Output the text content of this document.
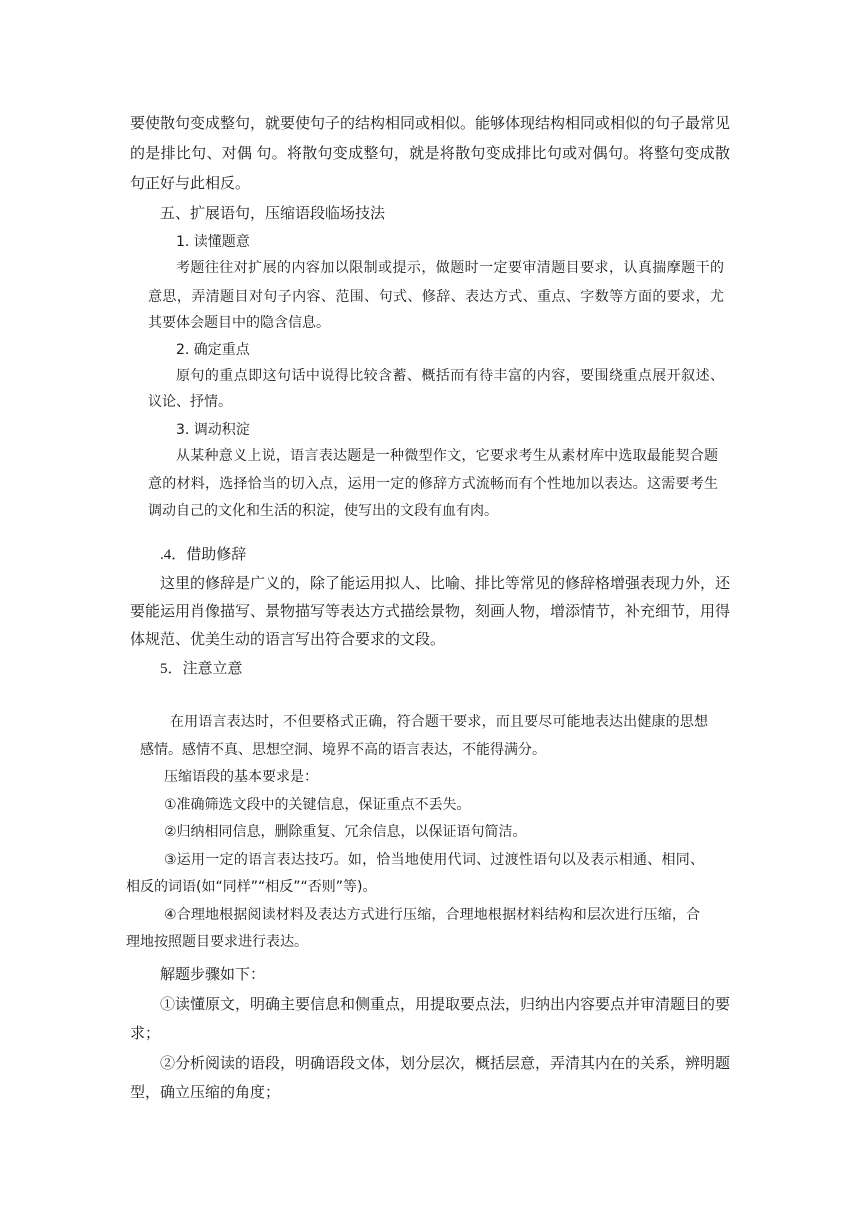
要使散句变成整句，就要使句子的结构相同或相似。能够体现结构相同或相似的句子最常见
的是排比句、对偶 句。将散句变成整句，就是将散句变成排比句或对偶句。将整句变成散
句正好与此相反。
五、扩展语句，压缩语段临场技法
1. 读懂题意
考题往往对扩展的内容加以限制或提示，做题时一定要审清题目要求，认真揣摩题干的
意思，弄清题目对句子内容、范围、句式、修辞、表达方式、重点、字数等方面的要求，尤
其要体会题目中的隐含信息。
2. 确定重点
原句的重点即这句话中说得比较含蓄、概括而有待丰富的内容，要围绕重点展开叙述、
议论、抒情。
3. 调动积淀
从某种意义上说，语言表达题是一种微型作文，它要求考生从素材库中选取最能契合题
意的材料，选择恰当的切入点，运用一定的修辞方式流畅而有个性地加以表达。这需要考生
调动自己的文化和生活的积淀，使写出的文段有血有肉。
.4．借助修辞
这里的修辞是广义的，除了能运用拟人、比喻、排比等常见的修辞格增强表现力外，还
要能运用肖像描写、景物描写等表达方式描绘景物，刻画人物，增添情节，补充细节，用得
体规范、优美生动的语言写出符合要求的文段。
5．注意立意
在用语言表达时，不但要格式正确，符合题干要求，而且要尽可能地表达出健康的思想
感情。感情不真、思想空洞、境界不高的语言表达，不能得满分。
压缩语段的基本要求是：
①准确筛选文段中的关键信息，保证重点不丢失。
②归纳相同信息，删除重复、冗余信息，以保证语句简洁。
③运用一定的语言表达技巧。如，恰当地使用代词、过渡性语句以及表示相通、相同、
相反的词语(如“同样”“相反”“否则”等)。
④合理地根据阅读材料及表达方式进行压缩，合理地根据材料结构和层次进行压缩，合
理地按照题目要求进行表达。
解题步骤如下：
①读懂原文，明确主要信息和侧重点，用提取要点法，归纳出内容要点并审清题目的要
求；
②分析阅读的语段，明确语段文体，划分层次，概括层意，弄清其内在的关系，辨明题
型，确立压缩的角度；
